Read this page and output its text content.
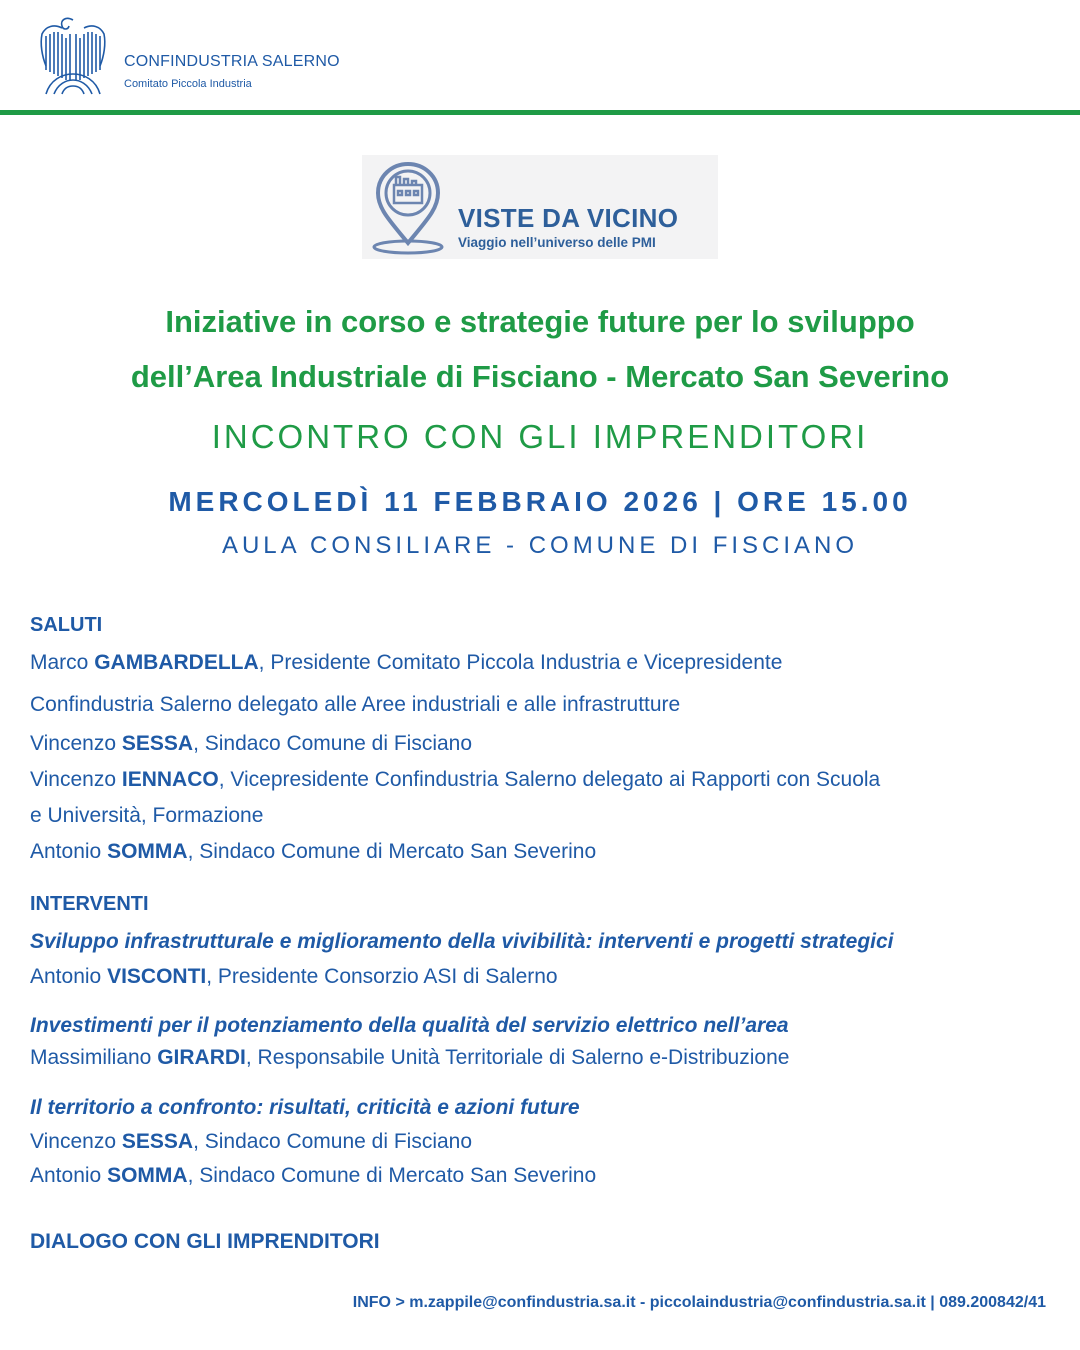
CONFINDUSTRIA SALERNO
Comitato Piccola Industria
VISTE DA VICINO
Viaggio nell’universo delle PMI
Iniziative in corso e strategie future per lo sviluppo
dell’Area Industriale di Fisciano - Mercato San Severino
INCONTRO CON GLI IMPRENDITORI
MERCOLEDÌ 11 FEBBRAIO 2026 | ORE 15.00
AULA CONSILIARE - COMUNE DI FISCIANO
SALUTI
Marco GAMBARDELLA, Presidente Comitato Piccola Industria e Vicepresidente
Confindustria Salerno delegato alle Aree industriali e alle infrastrutture
Vincenzo SESSA, Sindaco Comune di Fisciano
Vincenzo IENNACO, Vicepresidente Confindustria Salerno delegato ai Rapporti con Scuola
e Università, Formazione
Antonio SOMMA, Sindaco Comune di Mercato San Severino
INTERVENTI
Sviluppo infrastrutturale e miglioramento della vivibilità: interventi e progetti strategici
Antonio VISCONTI, Presidente Consorzio ASI di Salerno
Investimenti per il potenziamento della qualità del servizio elettrico nell’area
Massimiliano GIRARDI, Responsabile Unità Territoriale di Salerno e-Distribuzione
Il territorio a confronto: risultati, criticità e azioni future
Vincenzo SESSA, Sindaco Comune di Fisciano
Antonio SOMMA, Sindaco Comune di Mercato San Severino
DIALOGO CON GLI IMPRENDITORI
INFO > m.zappile@confindustria.sa.it - piccolaindustria@confindustria.sa.it | 089.200842/41
